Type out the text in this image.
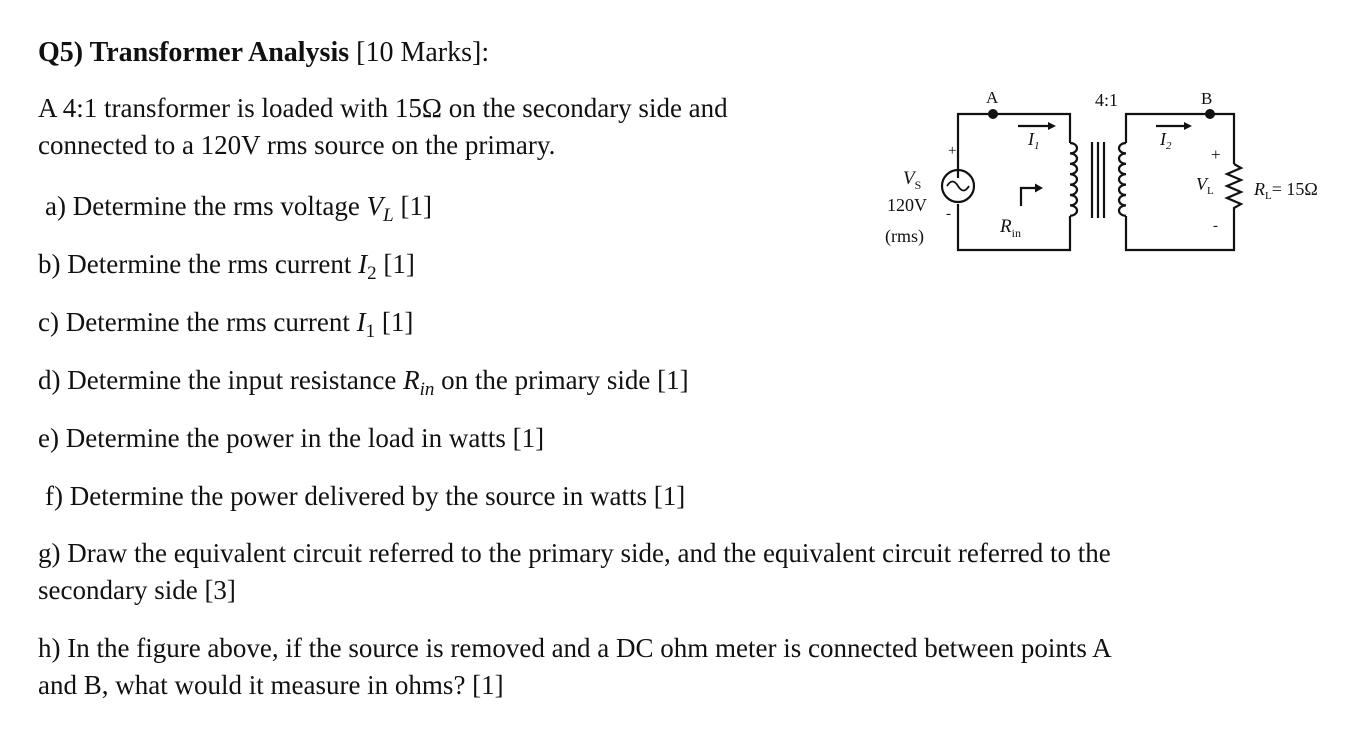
Q5) Transformer Analysis [10 Marks]:
A 4:1 transformer is loaded with 15Ω on the secondary side and
connected to a 120V rms source on the primary.
a) Determine the rms voltage $V_L$ [1]
b) Determine the rms current $I_2$ [1]
c) Determine the rms current $I_1$ [1]
d) Determine the input resistance $R_{in}$ on the primary side [1]
e) Determine the power in the load in watts [1]
f) Determine the power delivered by the source in watts [1]
g) Draw the equivalent circuit referred to the primary side, and the equivalent circuit referred to the
secondary side [3]
h) In the figure above, if the source is removed and a DC ohm meter is connected between points A
and B, what would it measure in ohms? [1]
A	B
4:1
$I_1$	$I_2$
$R_{in}$
$V_S$
120V
(rms)
+
-
+
-
$V_L$ $R_L= 15\Omega$
